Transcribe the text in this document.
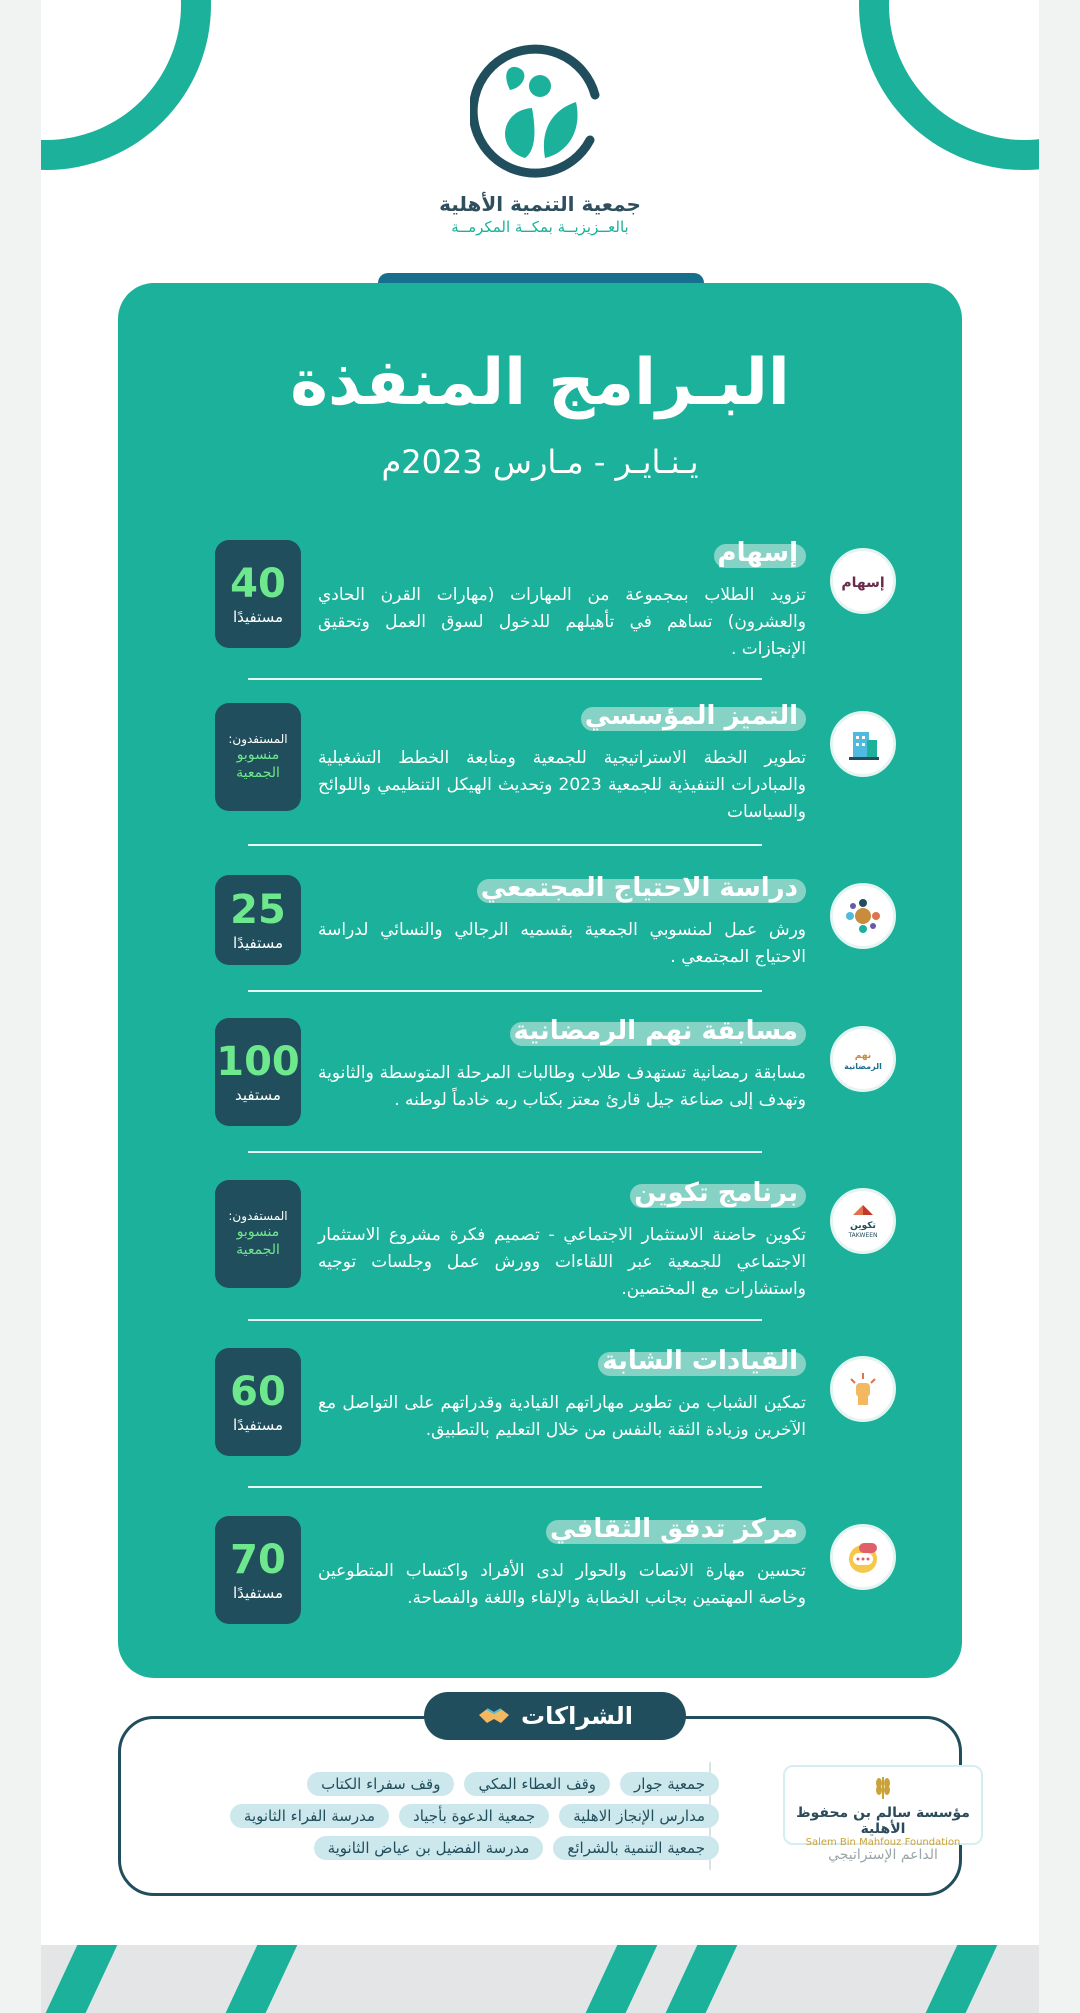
جمعية التنمية الأهلية
بالعــزيزيــة بمكــة المكرمــة
البـرامج المنفذة
يـنـايـر - مـارس 2023م
إسهام
إسهام
تزويد الطلاب بمجموعة من المهارات (مهارات القرن الحادي والعشرون) تساهم في تأهيلهم للدخول لسوق العمل وتحقيق الإنجازات .
40
مستفيدًا
التميز المؤسسي
تطوير الخطة الاستراتيجية للجمعية ومتابعة الخطط التشغيلية والمبادرات التنفيذية للجمعية 2023 وتحديث الهيكل التنظيمي واللوائح والسياسات
المستفدون:
منسوبو الجمعية
دراسة الاحتياج المجتمعي
ورش عمل لمنسوبي الجمعية بقسميه الرجالي والنسائي لدراسة الاحتياج المجتمعي .
25
مستفيدًا
نهم
الرمضانية
مسابقة نهم الرمضانية
مسابقة رمضانية تستهدف طلاب وطالبات المرحلة المتوسطة والثانوية وتهدف إلى صناعة جيل قارئ معتز بكتاب ربه خادماً لوطنه .
100
مستفيد
تكوين
TAKWEEN
برنامج تكوين
تكوين حاضنة الاستثمار الاجتماعي - تصميم فكرة مشروع الاستثمار الاجتماعي للجمعية عبر اللقاءات وورش عمل وجلسات توجيه واستشارات مع المختصين.
المستفدون:
منسوبو الجمعية
القيادات الشابة
تمكين الشباب من تطوير مهاراتهم القيادية وقدراتهم على التواصل مع الآخرين وزيادة الثقة بالنفس من خلال التعليم بالتطبيق.
60
مستفيدًا
مركز تدفق الثقافي
تحسين مهارة الانصات والحوار لدى الأفراد واكتساب المتطوعين وخاصة المهتمين بجانب الخطابة والإلقاء واللغة والفصاحة.
70
مستفيدًا
الشراكات
مؤسسة سالم بن محفوظ الأهلية
Salem Bin Mahfouz Foundation
الداعم الإستراتيجي
جمعية جوار
وقف العطاء المكي
وقف سفراء الكتاب
مدارس الإنجاز الاهلية
جمعية الدعوة بأجياد
مدرسة الفراء الثانوية
جمعية التنمية بالشرائع
مدرسة الفضيل بن عياض الثانوية
